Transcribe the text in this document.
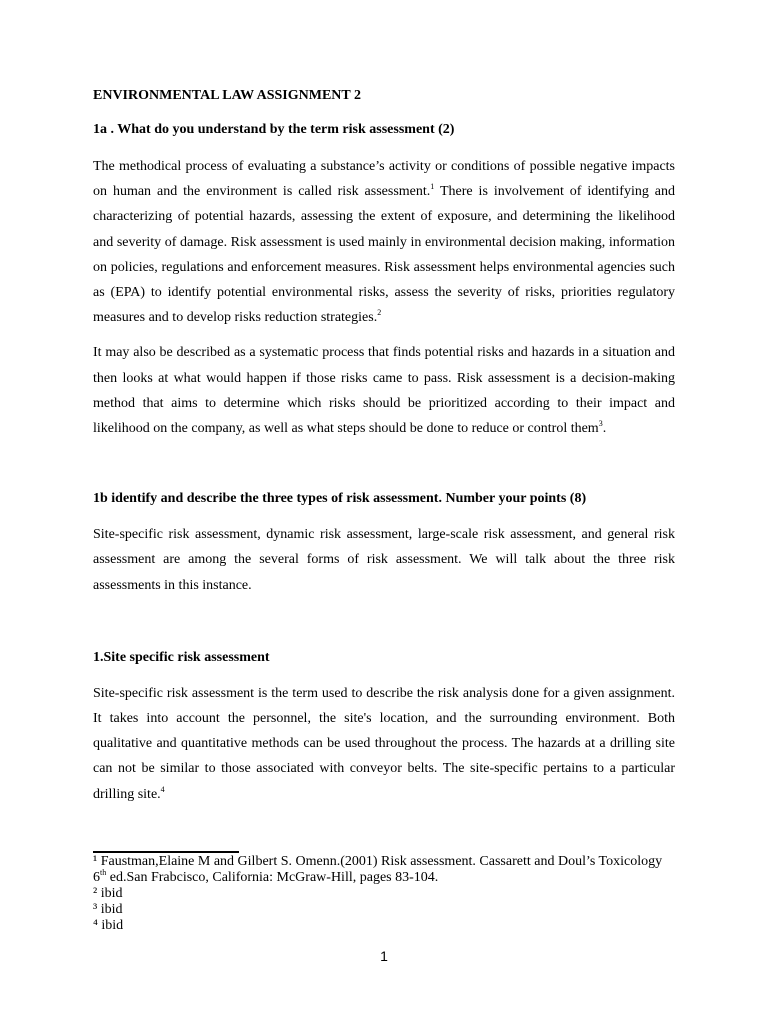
ENVIRONMENTAL LAW ASSIGNMENT 2

1a . What do you understand by the term risk assessment (2)

The methodical process of evaluating a substance’s activity or conditions of possible negative impacts on human and the environment is called risk assessment.$^1$ There is involvement of identifying and characterizing of potential hazards, assessing the extent of exposure, and determining the likelihood and severity of damage. Risk assessment is used mainly in environmental decision making, information on policies, regulations and enforcement measures. Risk assessment helps environmental agencies such as (EPA) to identify potential environmental risks, assess the severity of risks, priorities regulatory measures and to develop risks reduction strategies.$^2$

It may also be described as a systematic process that finds potential risks and hazards in a situation and then looks at what would happen if those risks came to pass. Risk assessment is a decision-making method that aims to determine which risks should be prioritized according to their impact and likelihood on the company, as well as what steps should be done to reduce or control them$^3$.

1b identify and describe the three types of risk assessment. Number your points (8)

Site-specific risk assessment, dynamic risk assessment, large-scale risk assessment, and general risk assessment are among the several forms of risk assessment. We will talk about the three risk assessments in this instance.

1.Site specific risk assessment

Site-specific risk assessment is the term used to describe the risk analysis done for a given assignment. It takes into account the personnel, the site's location, and the surrounding environment. Both qualitative and quantitative methods can be used throughout the process. The hazards at a drilling site can not be similar to those associated with conveyor belts. The site-specific pertains to a particular drilling site.$^4$

¹ Faustman,Elaine M and Gilbert S. Omenn.(2001) Risk assessment. Cassarett and Doul’s Toxicology 6th ed.San Frabcisco, California: McGraw-Hill, pages 83-104.
² ibid
³ ibid
⁴ ibid
1
